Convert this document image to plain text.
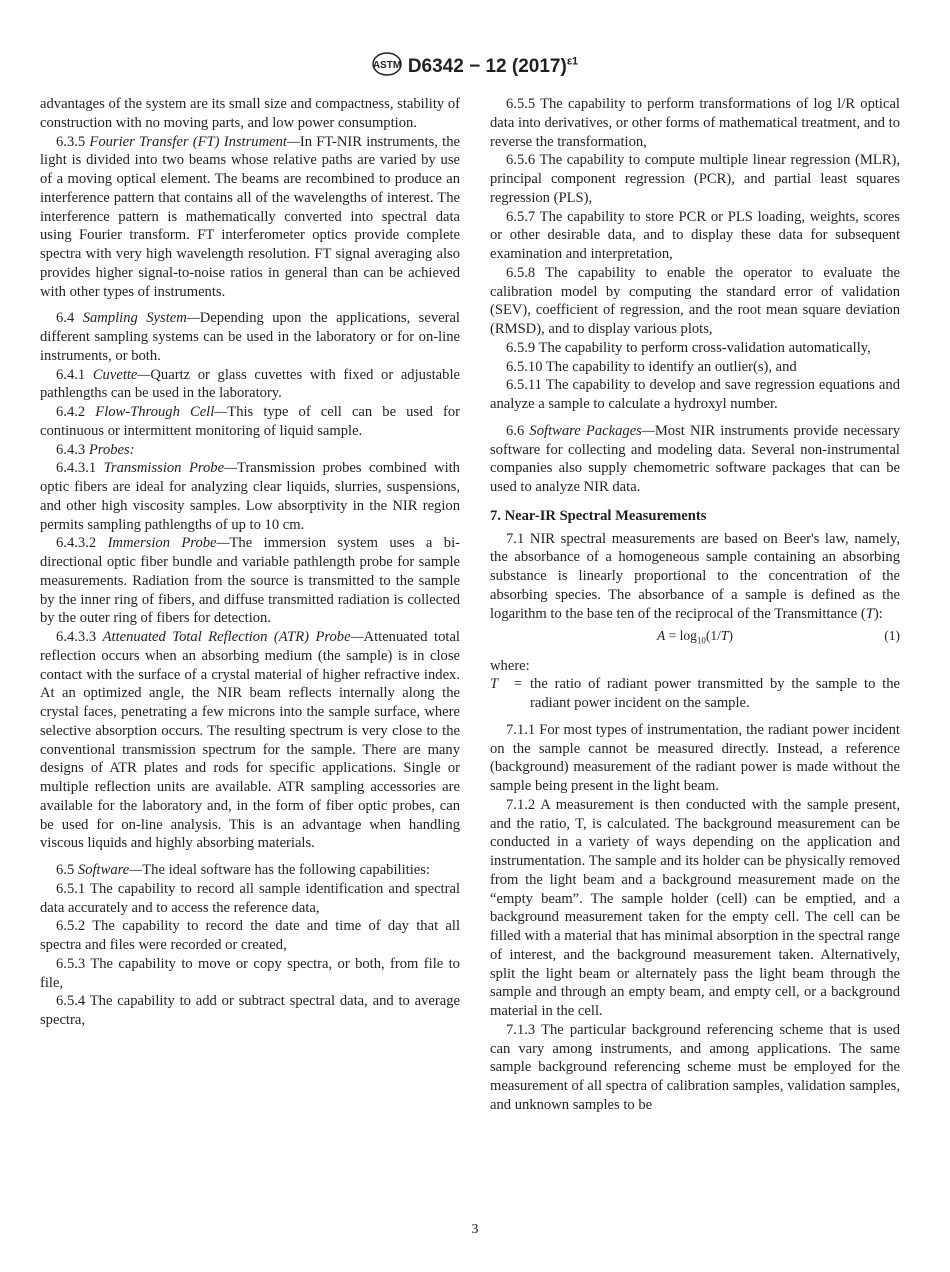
ASTM D6342 − 12 $(2017)^{\varepsilon 1}$

advantages of the system are its small size and compactness, stability of construction with no moving parts, and low power consumption.

6.3.5 Fourier Transfer (FT) Instrument—In FT-NIR instruments, the light is divided into two beams whose relative paths are varied by use of a moving optical element. The beams are recombined to produce an interference pattern that contains all of the wavelengths of interest. The interference pattern is mathematically converted into spectral data using Fourier transform. FT interferometer optics provide complete spectra with very high wavelength resolution. FT signal averaging also provides higher signal-to-noise ratios in general than can be achieved with other types of instruments.

6.4 Sampling System—Depending upon the applications, several different sampling systems can be used in the laboratory or for on-line instruments, or both.

6.4.1 Cuvette—Quartz or glass cuvettes with fixed or adjustable pathlengths can be used in the laboratory.

6.4.2 Flow-Through Cell—This type of cell can be used for continuous or intermittent monitoring of liquid sample.

6.4.3 Probes:

6.4.3.1 Transmission Probe—Transmission probes combined with optic fibers are ideal for analyzing clear liquids, slurries, suspensions, and other high viscosity samples. Low absorptivity in the NIR region permits sampling pathlengths of up to 10 cm.

6.4.3.2 Immersion Probe—The immersion system uses a bi-directional optic fiber bundle and variable pathlength probe for sample measurements. Radiation from the source is transmitted to the sample by the inner ring of fibers, and diffuse transmitted radiation is collected by the outer ring of fibers for detection.

6.4.3.3 Attenuated Total Reflection (ATR) Probe—Attenuated total reflection occurs when an absorbing medium (the sample) is in close contact with the surface of a crystal material of higher refractive index. At an optimized angle, the NIR beam reflects internally along the crystal faces, penetrating a few microns into the sample surface, where selective absorption occurs. The resulting spectrum is very close to the conventional transmission spectrum for the sample. There are many designs of ATR plates and rods for specific applications. Single or multiple reflection units are available. ATR sampling accessories are available for the laboratory and, in the form of fiber optic probes, can be used for on-line analysis. This is an advantage when handling viscous liquids and highly absorbing materials.

6.5 Software—The ideal software has the following capabilities:

6.5.1 The capability to record all sample identification and spectral data accurately and to access the reference data,

6.5.2 The capability to record the date and time of day that all spectra and files were recorded or created,

6.5.3 The capability to move or copy spectra, or both, from file to file,

6.5.4 The capability to add or subtract spectral data, and to average spectra,

6.5.5 The capability to perform transformations of log l/R optical data into derivatives, or other forms of mathematical treatment, and to reverse the transformation,

6.5.6 The capability to compute multiple linear regression (MLR), principal component regression (PCR), and partial least squares regression (PLS),

6.5.7 The capability to store PCR or PLS loading, weights, scores or other desirable data, and to display these data for subsequent examination and interpretation,

6.5.8 The capability to enable the operator to evaluate the calibration model by computing the standard error of validation (SEV), coefficient of regression, and the root mean square deviation (RMSD), and to display various plots,

6.5.9 The capability to perform cross-validation automatically,

6.5.10 The capability to identify an outlier(s), and

6.5.11 The capability to develop and save regression equations and analyze a sample to calculate a hydroxyl number.

6.6 Software Packages—Most NIR instruments provide necessary software for collecting and modeling data. Several non-instrumental companies also supply chemometric software packages that can be used to analyze NIR data.

7. Near-IR Spectral Measurements

7.1 NIR spectral measurements are based on Beer's law, namely, the absorbance of a homogeneous sample containing an absorbing substance is linearly proportional to the concentration of the absorbing species. The absorbance of a sample is defined as the logarithm to the base ten of the reciprocal of the Transmittance (T):

$A = \log_{10}(1/T)$	(1)

where:

T	= the ratio of radiant power transmitted by the sample to the radiant power incident on the sample.

7.1.1 For most types of instrumentation, the radiant power incident on the sample cannot be measured directly. Instead, a reference (background) measurement of the radiant power is made without the sample being present in the light beam.

7.1.2 A measurement is then conducted with the sample present, and the ratio, T, is calculated. The background measurement can be conducted in a variety of ways depending on the application and instrumentation. The sample and its holder can be physically removed from the light beam and a background measurement made on the “empty beam”. The sample holder (cell) can be emptied, and a background measurement taken for the empty cell. The cell can be filled with a material that has minimal absorption in the spectral range of interest, and the background measurement taken. Alternatively, split the light beam or alternately pass the light beam through the sample and through an empty beam, and empty cell, or a background material in the cell.

7.1.3 The particular background referencing scheme that is used can vary among instruments, and among applications. The same sample background referencing scheme must be employed for the measurement of all spectra of calibration samples, validation samples, and unknown samples to be

3
